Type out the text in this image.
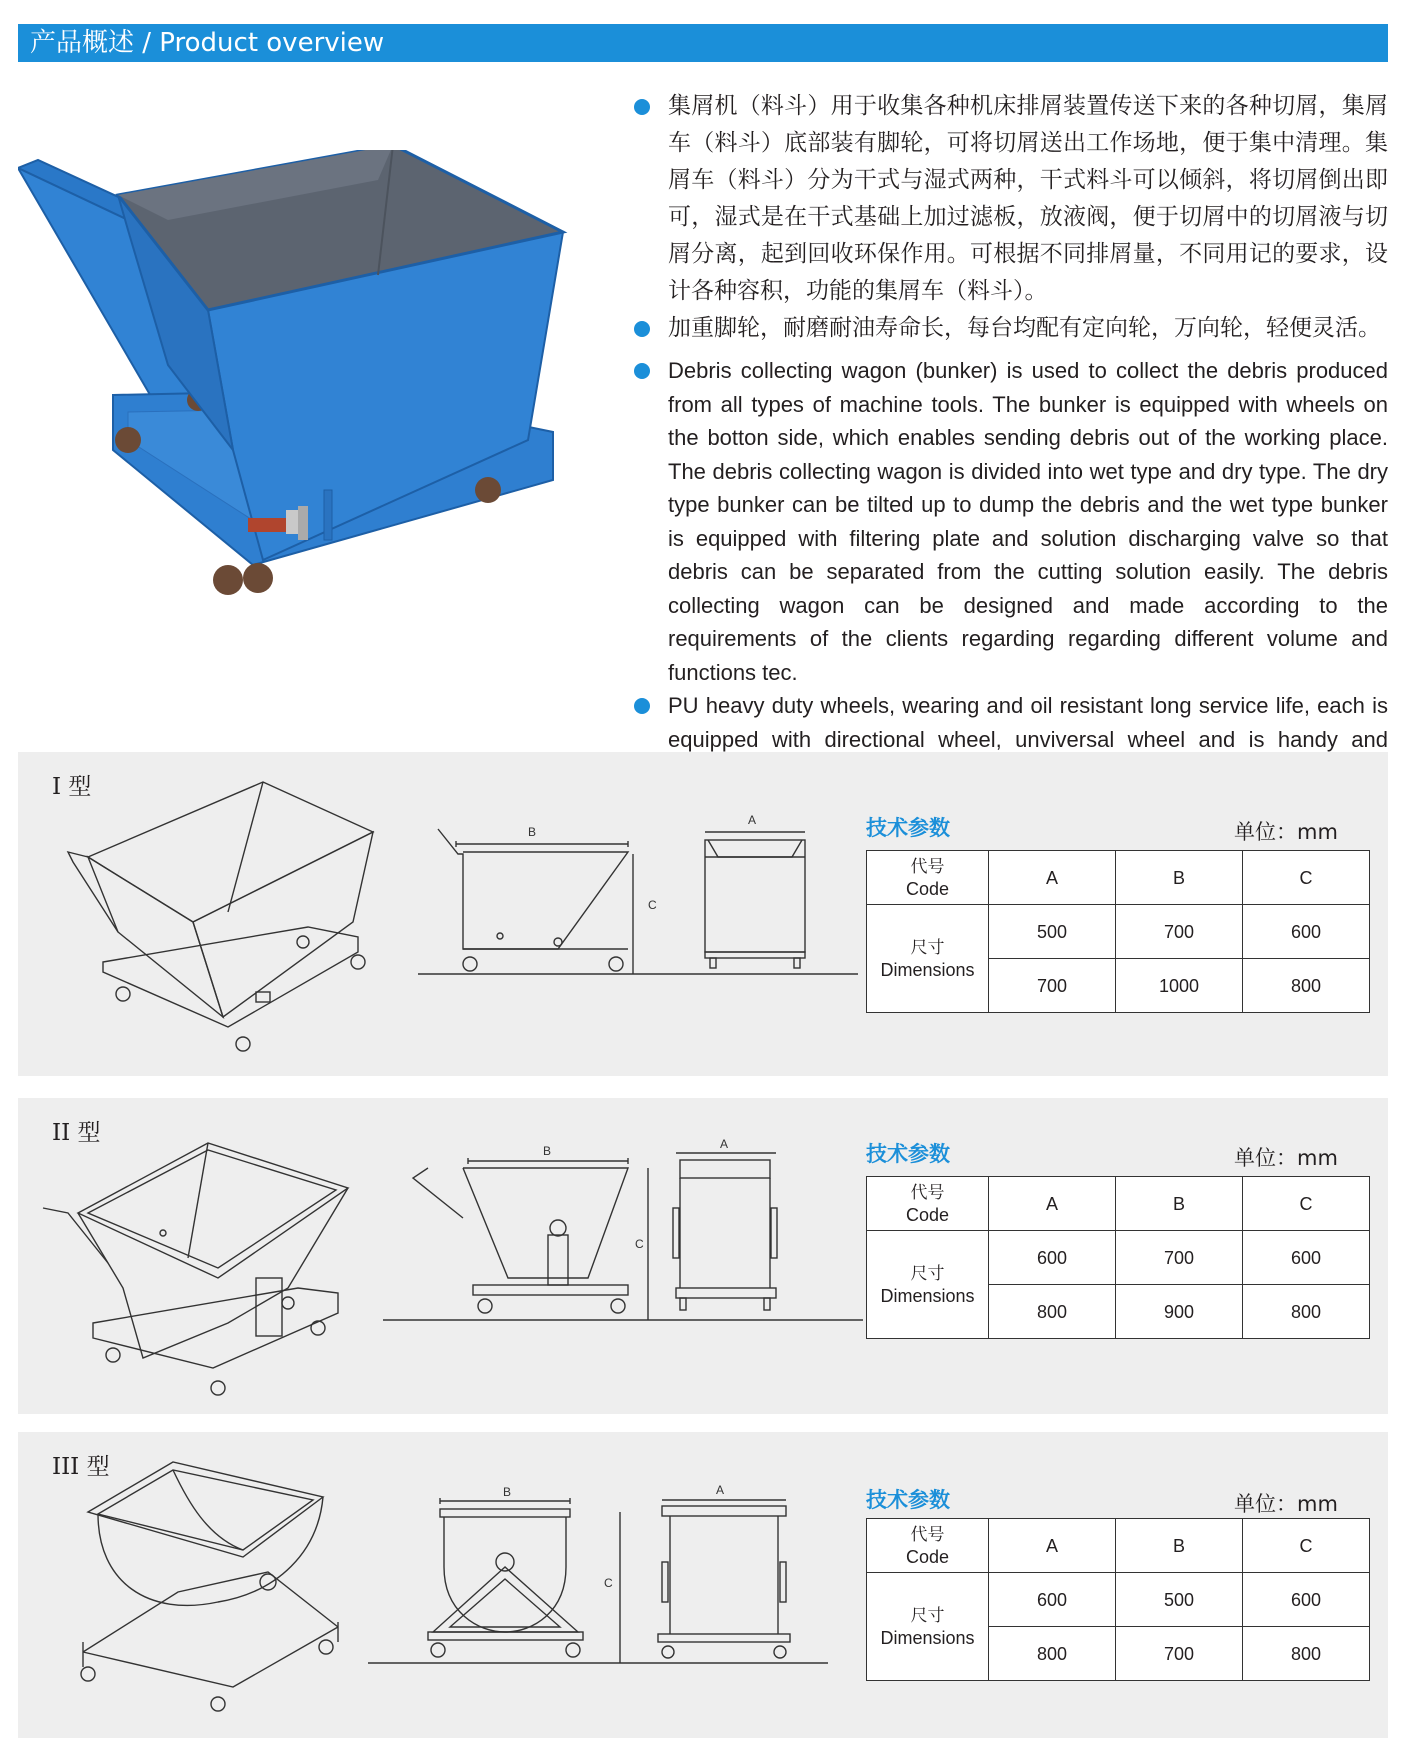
产品概述 / Product overview
集屑机（料斗）用于收集各种机床排屑装置传送下来的各种切屑，集屑车（料斗）底部装有脚轮，可将切屑送出工作场地，便于集中清理。集屑车（料斗）分为干式与湿式两种，干式料斗可以倾斜，将切屑倒出即可，湿式是在干式基础上加过滤板，放液阀，便于切屑中的切屑液与切屑分离，起到回收环保作用。可根据不同排屑量，不同用记的要求，设计各种容积，功能的集屑车（料斗）。
加重脚轮，耐磨耐油寿命长，每台均配有定向轮，万向轮，轻便灵活。
Debris collecting wagon (bunker) is used to collect the debris produced from all types of machine tools. The bunker is equipped with wheels on the botton side, which enables sending debris out of the working place. The debris collecting wagon is divided into wet type and dry type. The dry type bunker can be tilted up to dump the debris and the wet type bunker is equipped with filtering plate and solution discharging valve so that debris can be separated from the cutting solution easily. The debris collecting wagon can be designed and made according to the requirements of the clients regarding regarding different volume and functions tec.
PU heavy duty wheels, wearing and oil resistant long service life, each is equipped with directional wheel, unviversal wheel and is handy and
I 型
B
C
A	技术参数	单位：mm
代号
Code	A	B	C

尺寸
Dimensions	500	700	600
	700	1000	800
II 型
B
C
A	技术参数	单位：mm
代号
Code	A	B	C

尺寸
Dimensions	600	700	600
	800	900	800
III 型
B
C
A	技术参数	单位：mm
代号
Code	A	B	C

尺寸
Dimensions	600	500	600
	800	700	800
